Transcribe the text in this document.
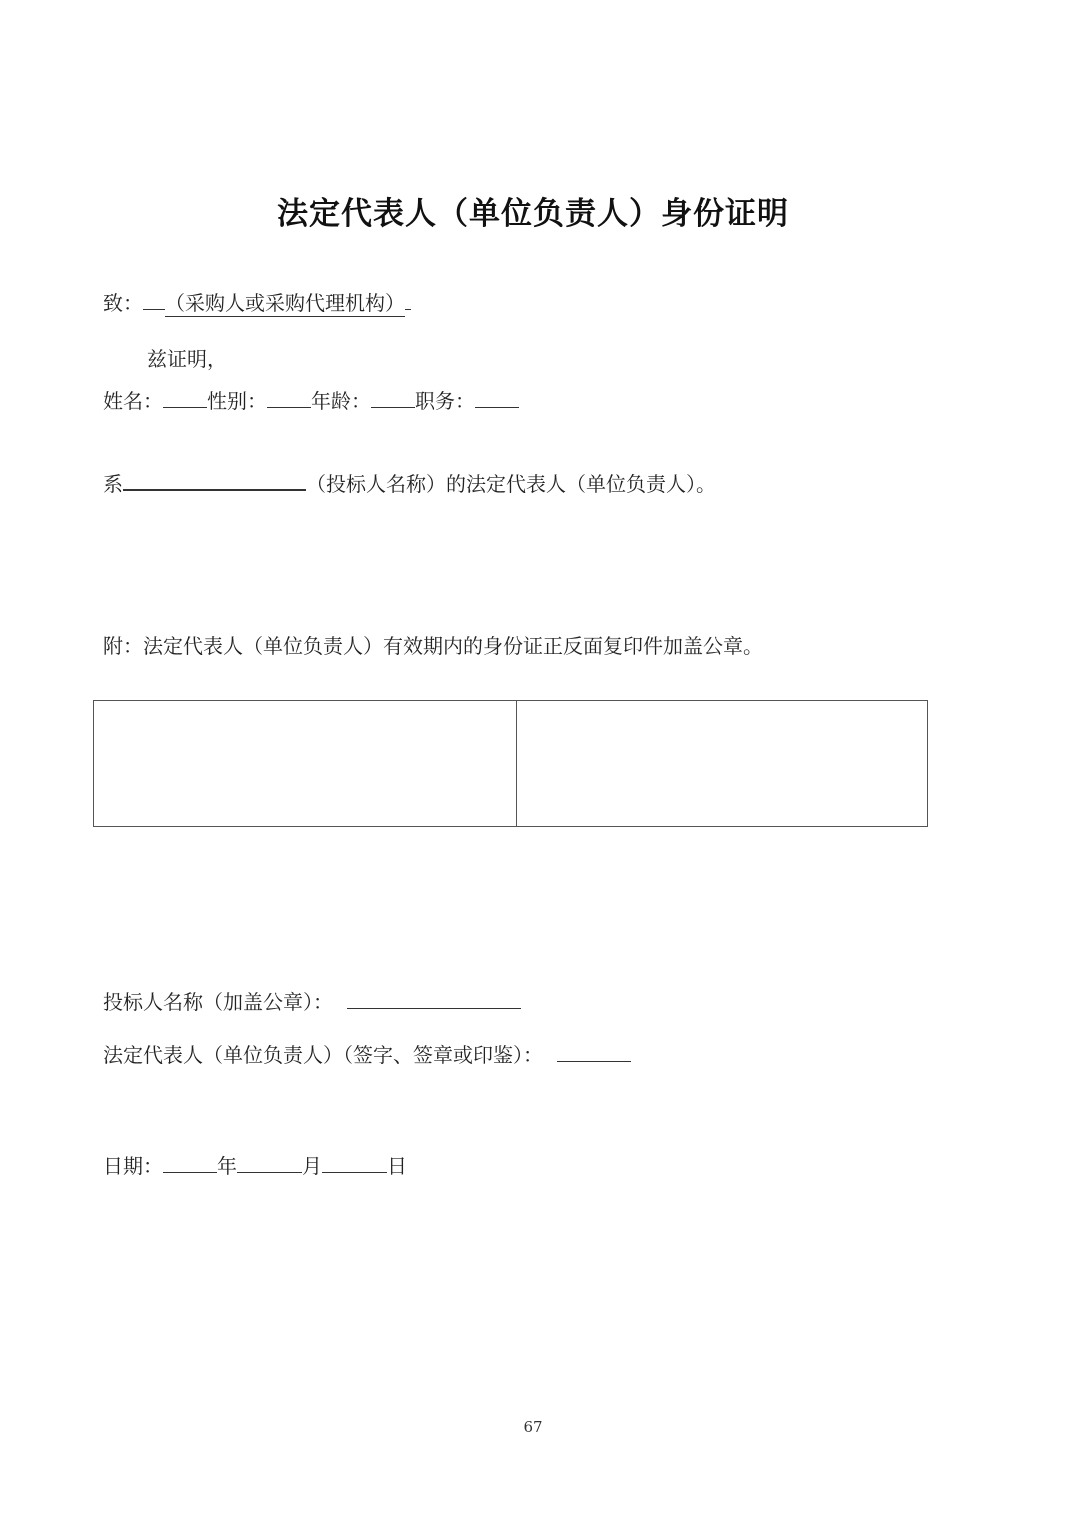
法定代表人（单位负责人）身份证明
致： （采购人或采购代理机构）
兹证明，
姓名： 性别： 年龄： 职务：
系	（投标人名称）的法定代表人（单位负责人）。
附：法定代表人（单位负责人）有效期内的身份证正反面复印件加盖公章。
投标人名称（加盖公章）：
法定代表人（单位负责人）（签字、签章或印鉴）：
日期：	年	月	日
67
